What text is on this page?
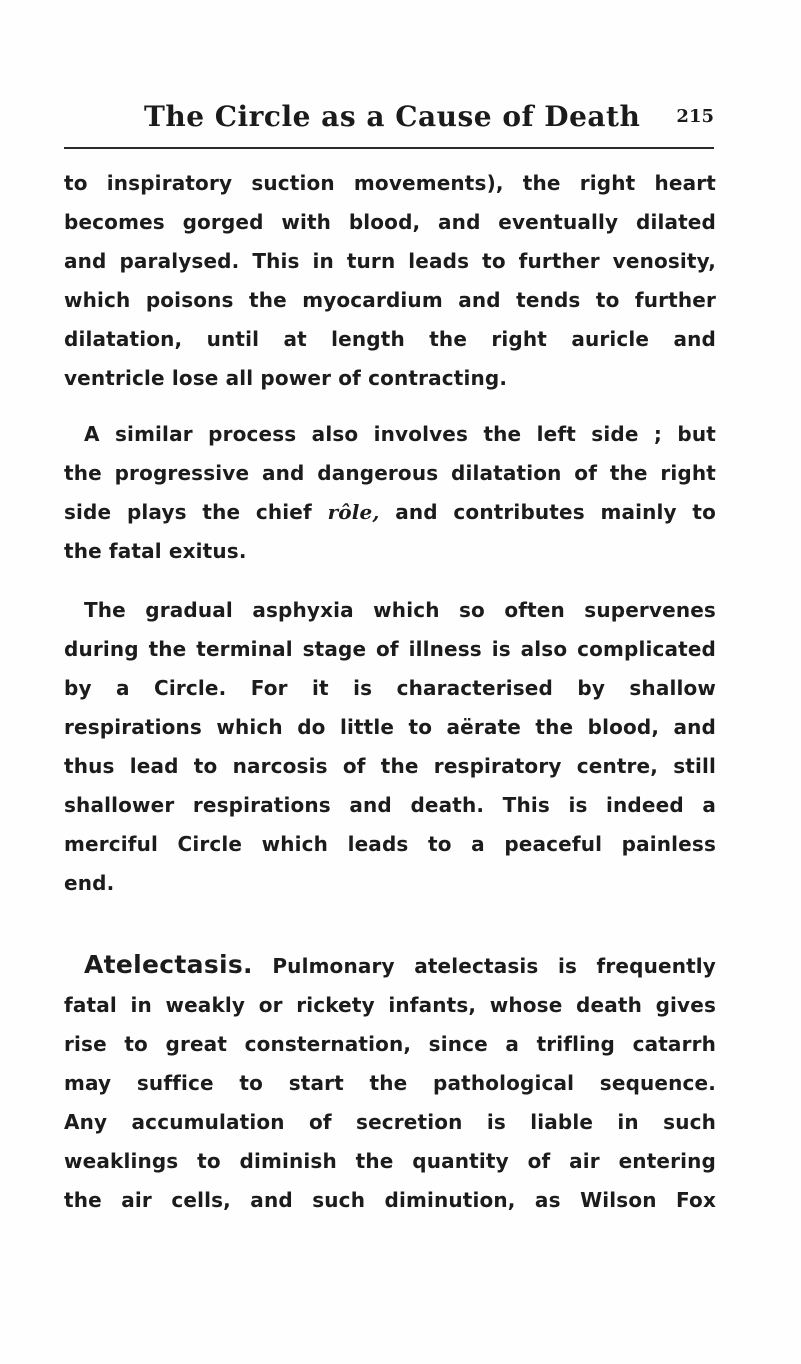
The Circle as a Cause of Death 215

to inspiratory suction movements), the right heart
becomes gorged with blood, and eventually dilated
and paralysed. This in turn leads to further venosity,
which poisons the myocardium and tends to further
dilatation, until at length the right auricle and
ventricle lose all power of contracting.

A similar process also involves the left side ; but
the progressive and dangerous dilatation of the right
side plays the chief rôle, and contributes mainly to
the fatal exitus.

The gradual asphyxia which so often supervenes
during the terminal stage of illness is also complicated
by a Circle. For it is characterised by shallow
respirations which do little to aërate the blood, and
thus lead to narcosis of the respiratory centre, still
shallower respirations and death. This is indeed a
merciful Circle which leads to a peaceful painless
end.

Atelectasis. Pulmonary atelectasis is frequently
fatal in weakly or rickety infants, whose death gives
rise to great consternation, since a trifling catarrh
may suffice to start the pathological sequence.
Any accumulation of secretion is liable in such
weaklings to diminish the quantity of air entering
the air cells, and such diminution, as Wilson Fox
